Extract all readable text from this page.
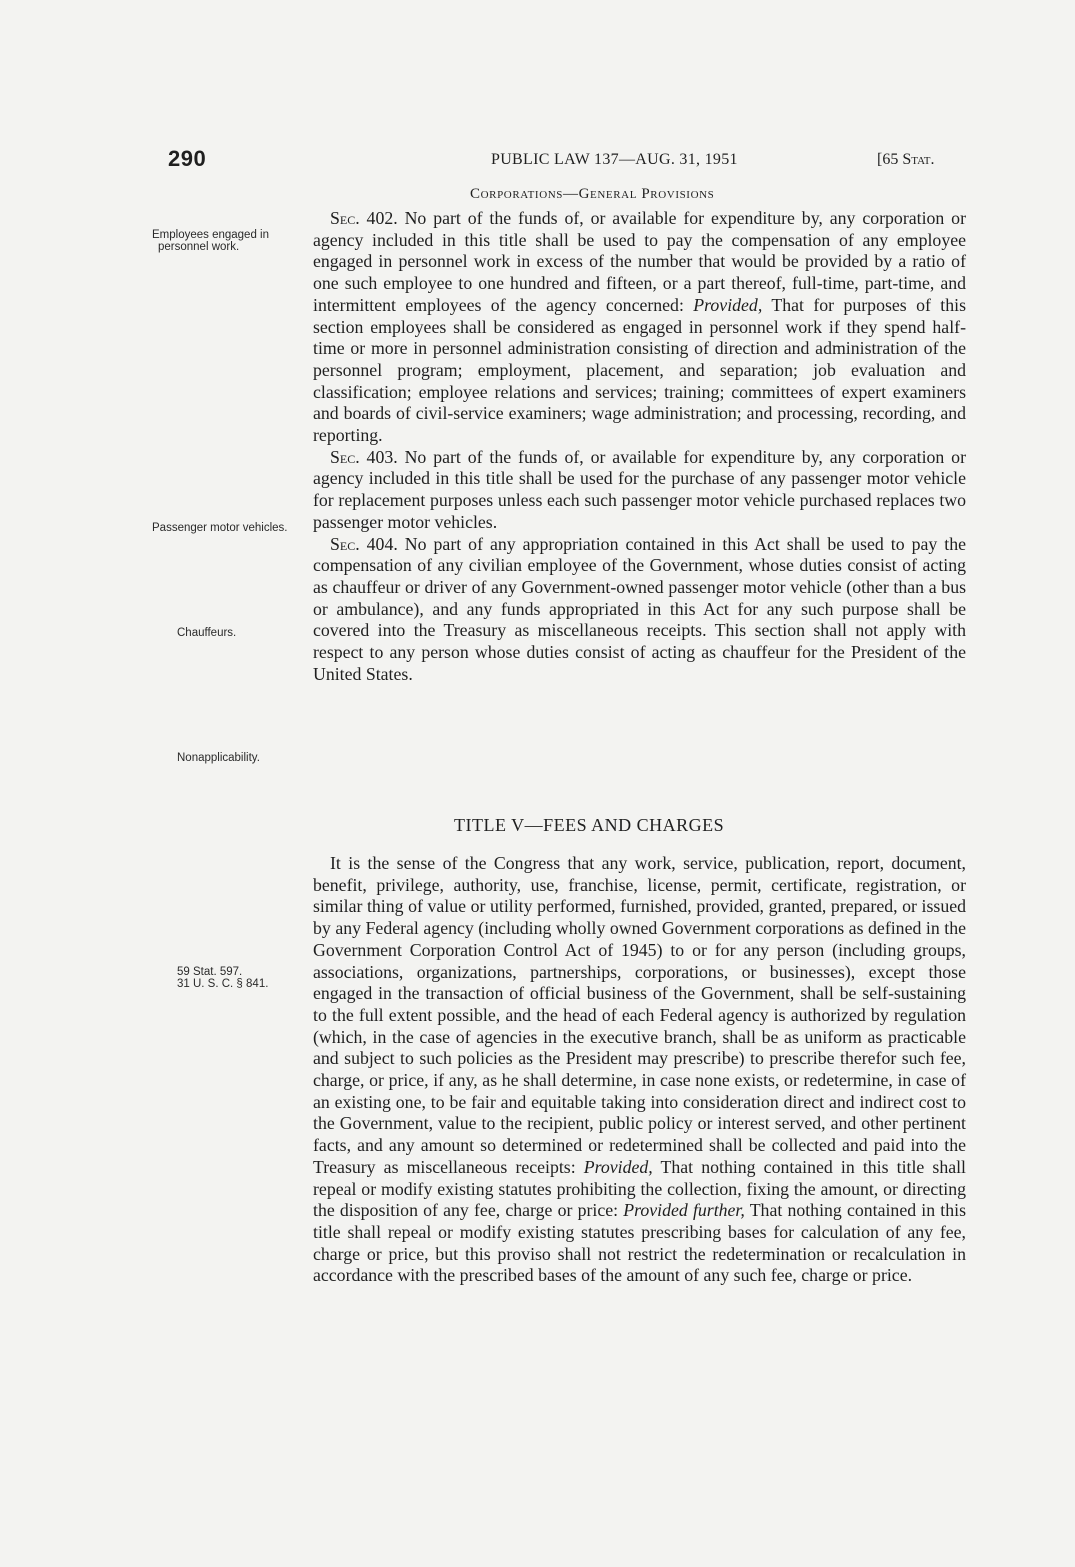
290	PUBLIC LAW 137—AUG. 31, 1951	[65 Stat.
Corporations—General Provisions
Employees engaged in personnel work.
Passenger motor vehicles.
Chauffeurs.
Nonapplicability.
59 Stat. 597.
31 U. S. C. § 841.

Sec. 402. No part of the funds of, or available for expenditure by, any corporation or agency included in this title shall be used to pay the compensation of any employee engaged in personnel work in excess of the number that would be provided by a ratio of one such employee to one hundred and fifteen, or a part thereof, full-time, part-time, and intermittent employees of the agency concerned: Provided, That for purposes of this section employees shall be considered as engaged in personnel work if they spend half-time or more in personnel administration consisting of direction and administration of the personnel program; employment, placement, and separation; job evaluation and classification; employee relations and services; training; committees of expert examiners and boards of civil-service examiners; wage administration; and processing, recording, and reporting.

Sec. 403. No part of the funds of, or available for expenditure by, any corporation or agency included in this title shall be used for the purchase of any passenger motor vehicle for replacement purposes unless each such passenger motor vehicle purchased replaces two passenger motor vehicles.

Sec. 404. No part of any appropriation contained in this Act shall be used to pay the compensation of any civilian employee of the Government, whose duties consist of acting as chauffeur or driver of any Government-owned passenger motor vehicle (other than a bus or ambulance), and any funds appropriated in this Act for any such purpose shall be covered into the Treasury as miscellaneous receipts. This section shall not apply with respect to any person whose duties consist of acting as chauffeur for the President of the United States.

TITLE V—FEES AND CHARGES

It is the sense of the Congress that any work, service, publication, report, document, benefit, privilege, authority, use, franchise, license, permit, certificate, registration, or similar thing of value or utility performed, furnished, provided, granted, prepared, or issued by any Federal agency (including wholly owned Government corporations as defined in the Government Corporation Control Act of 1945) to or for any person (including groups, associations, organizations, partnerships, corporations, or businesses), except those engaged in the transaction of official business of the Government, shall be self-sustaining to the full extent possible, and the head of each Federal agency is authorized by regulation (which, in the case of agencies in the executive branch, shall be as uniform as practicable and subject to such policies as the President may prescribe) to prescribe therefor such fee, charge, or price, if any, as he shall determine, in case none exists, or redetermine, in case of an existing one, to be fair and equitable taking into consideration direct and indirect cost to the Government, value to the recipient, public policy or interest served, and other pertinent facts, and any amount so determined or redetermined shall be collected and paid into the Treasury as miscellaneous receipts: Provided, That nothing contained in this title shall repeal or modify existing statutes prohibiting the collection, fixing the amount, or directing the disposition of any fee, charge or price: Provided further, That nothing contained in this title shall repeal or modify existing statutes prescribing bases for calculation of any fee, charge or price, but this proviso shall not restrict the redetermination or recalculation in accordance with the prescribed bases of the amount of any such fee, charge or price.
